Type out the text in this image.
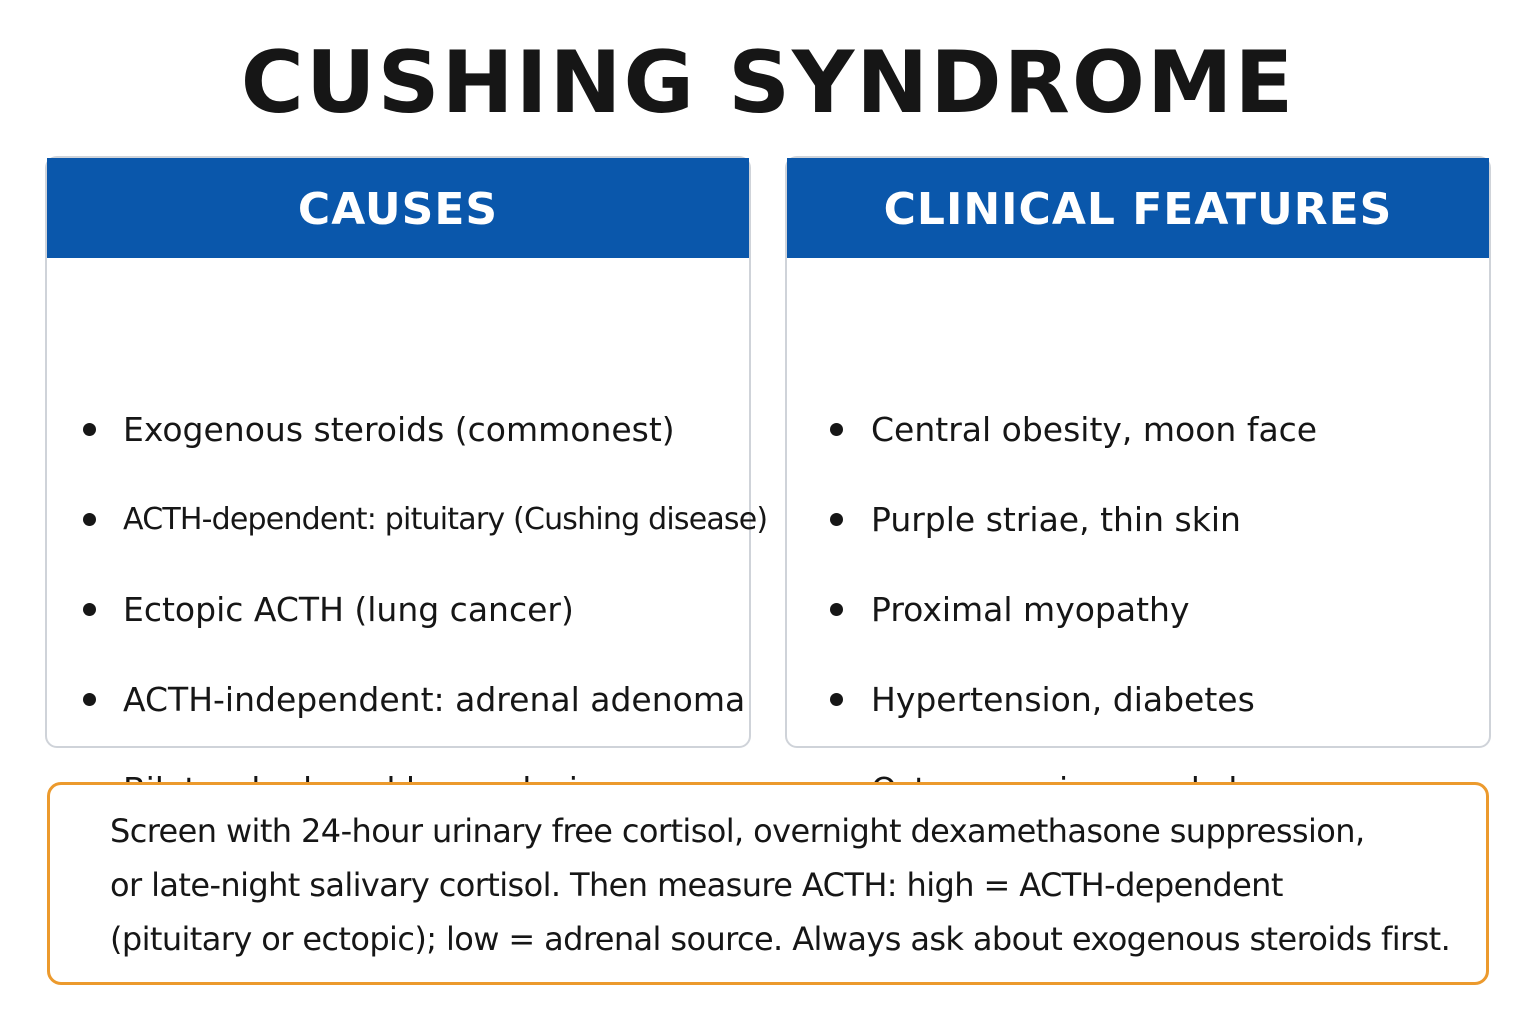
CUSHING SYNDROME
CAUSES
Exogenous steroids (commonest)
ACTH-dependent: pituitary (Cushing disease)
Ectopic ACTH (lung cancer)
ACTH-independent: adrenal adenoma
CLINICAL FEATURES
Central obesity, moon face
Purple striae, thin skin
Proximal myopathy
Hypertension, diabetes
Screen with 24-hour urinary free cortisol, overnight dexamethasone suppression,
or late-night salivary cortisol. Then measure ACTH: high = ACTH-dependent
(pituitary or ectopic); low = adrenal source. Always ask about exogenous steroids first.
